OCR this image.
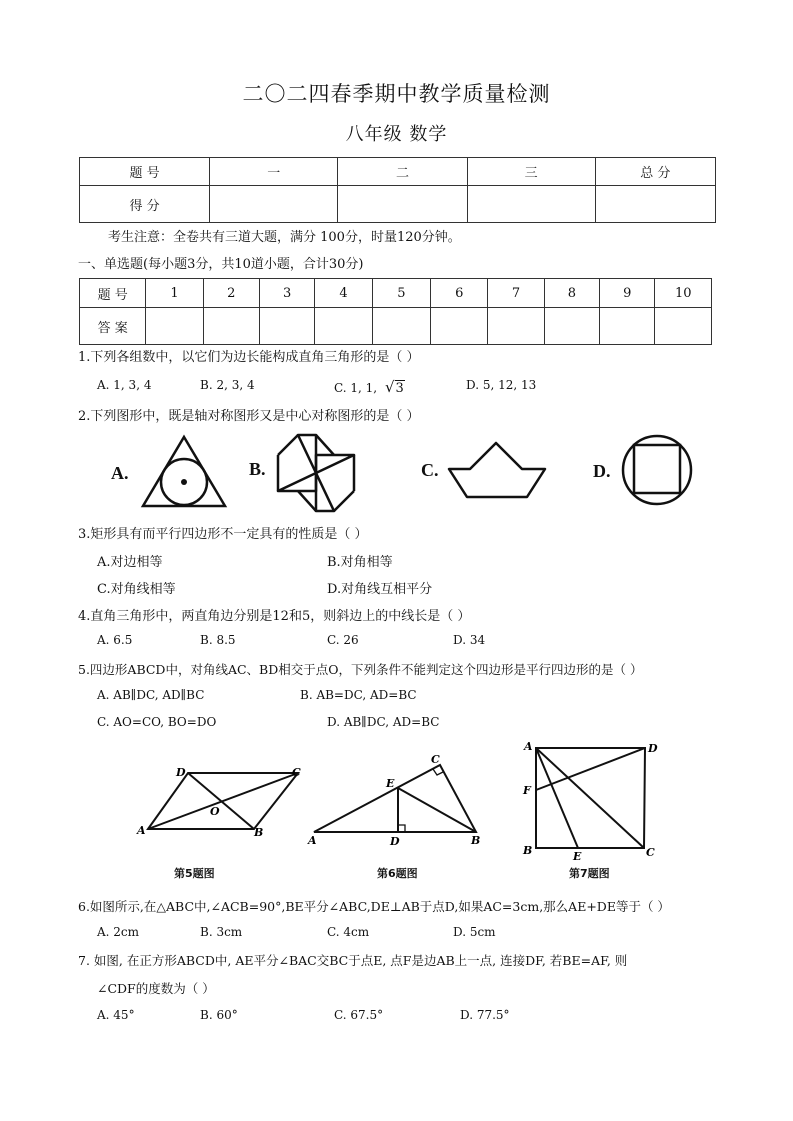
二〇二四春季期中教学质量检测
八年级 数学
题 号	一	二	三	总 分
得 分				
考生注意：全卷共有三道大题，满分 100分，时量120分钟。
一、单选题(每小题3分，共10道小题，合计30分)
题 号	1	2	3	4	5	6	7	8	9	10
答 案										
1.下列各组数中，以它们为边长能构成直角三角形的是（ ）
A. 1, 3, 4	B. 2, 3, 4	C. 1, 1, √3	D. 5, 12, 13
2.下列图形中，既是轴对称图形又是中心对称图形的是（ ）
A.	B.	C.	D.
3.矩形具有而平行四边形不一定具有的性质是（ ）
A.对边相等	B.对角相等
C.对角线相等	D.对角线互相平分
4.直角三角形中，两直角边分别是12和5，则斜边上的中线长是（ ）
A. 6.5	B. 8.5	C. 26	D. 34
5.四边形ABCD中，对角线AC、BD相交于点O，下列条件不能判定这个四边形是平行四边形的是（ ）
A. AB∥DC, AD∥BC	B. AB=DC, AD=BC
C. AO=CO, BO=DO	D. AB∥DC, AD=BC
D	C
A	B
O
第5题图
C
E
A	D	B
第6题图
A	D
F
B	E	C
第7题图
6.如图所示,在△ABC中,∠ACB=90°,BE平分∠ABC,DE⊥AB于点D,如果AC=3cm,那么AE+DE等于（ ）
A. 2cm	B. 3cm	C. 4cm	D. 5cm
7. 如图, 在正方形ABCD中, AE平分∠BAC交BC于点E, 点F是边AB上一点, 连接DF, 若BE=AF, 则
∠CDF的度数为（ ）
A. 45°	B. 60°	C. 67.5°	D. 77.5°
